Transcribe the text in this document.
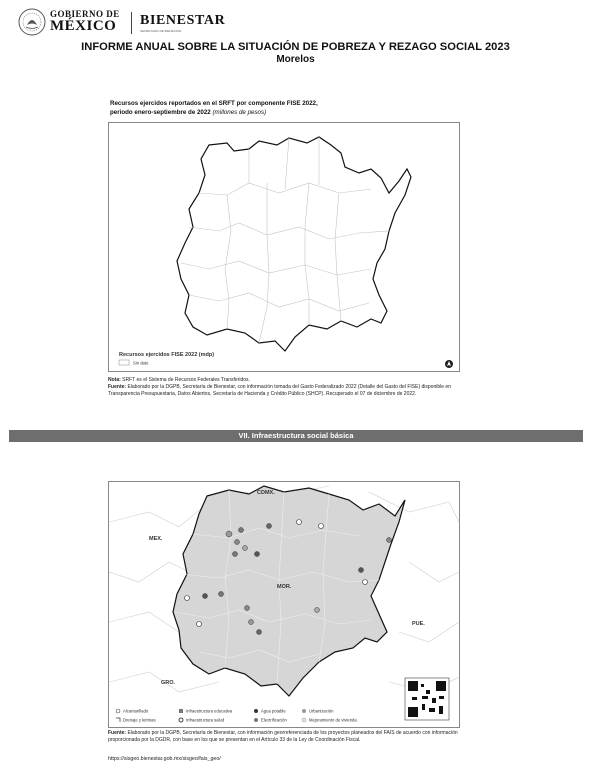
GOBIERNO DE
MÉXICO BIENESTAR
SECRETARÍA DE BIENESTAR
INFORME ANUAL SOBRE LA SITUACIÓN DE POBREZA Y REZAGO SOCIAL 2023
Morelos
Recursos ejercidos reportados en el SRFT por componente FISE 2022,
periodo enero-septiembre de 2022 (millones de pesos)
Recursos ejercidos FISE 2022 (mdp)
Sin dato
Nota: SRFT es el Sistema de Recursos Federales Transferidos.
Fuente: Elaborado por la DGPB, Secretaría de Bienestar, con información tomada del Gasto Federalizado 2022 (Detalle del Gasto del FISE) disponible en Transparencia Presupuestaria, Datos Abiertos, Secretaría de Hacienda y Crédito Público (SHCP). Recuperado el 07 de diciembre de 2022.
VII. Infraestructura social básica
CDMX.
MEX.
MOR.
PUE.
GRO.
Alcantarillado	Infraestructura educativa	Agua potable	Urbanización
Drenaje y letrinas	Infraestructura salud	Electrificación	Mejoramiento de vivienda
Fuente: Elaborado por la DGPB, Secretaría de Bienestar, con información georreferenciada de los proyectos planeados del FAIS de acuerdo con información proporcionada por la DGDR, con base en los que se presentan en el Artículo 33 de la Ley de Coordinación Fiscal.
https://sisgeo.bienestar.gob.mx/sisgeo/fais_geo/
